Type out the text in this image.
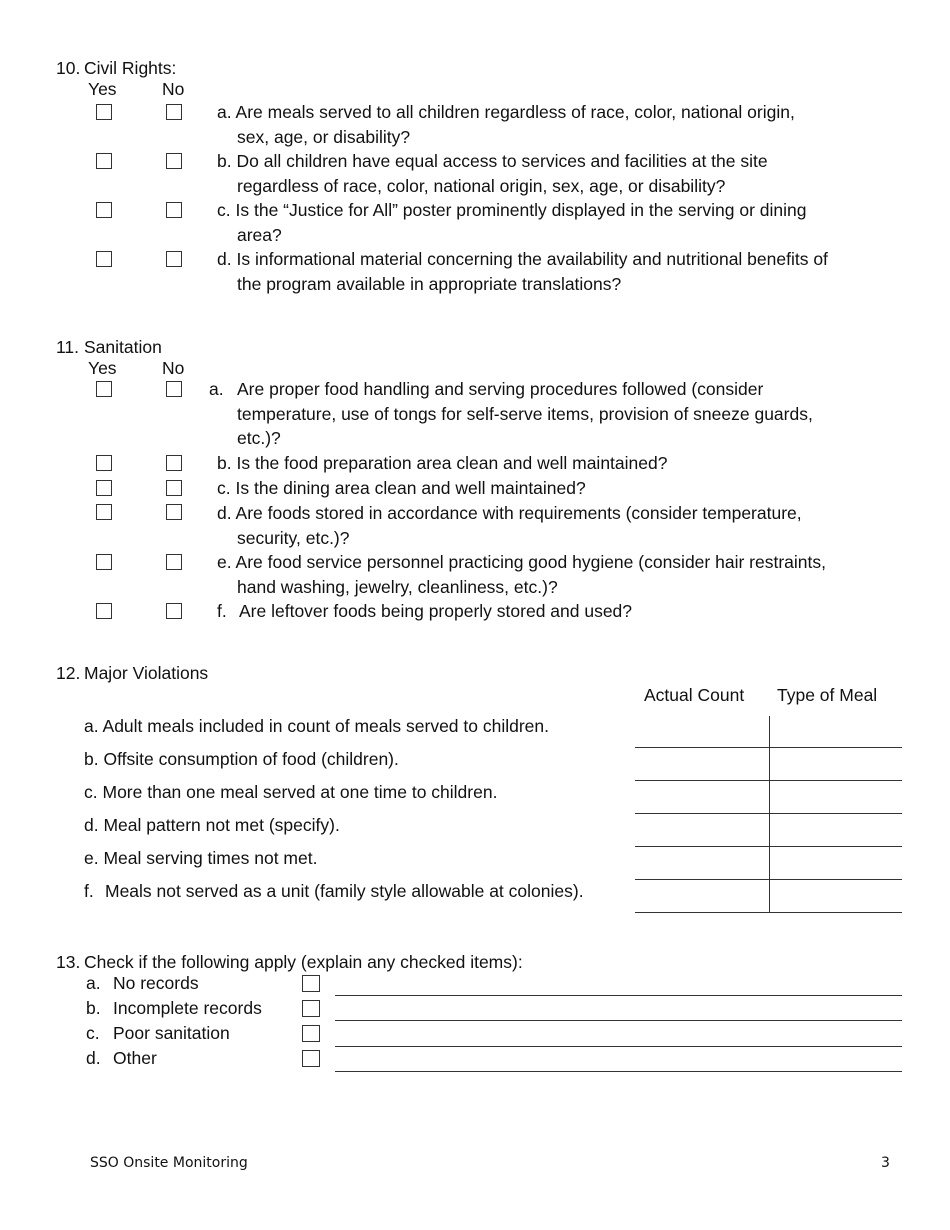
10. Civil Rights:
Yes	No
a. Are meals served to all children regardless of race, color, national origin,
sex, age, or disability?
b. Do all children have equal access to services and facilities at the site
regardless of race, color, national origin, sex, age, or disability?
c. Is the “Justice for All” poster prominently displayed in the serving or dining
area?
d. Is informational material concerning the availability and nutritional benefits of
the program available in appropriate translations?
11. Sanitation
Yes	No
a. Are proper food handling and serving procedures followed (consider
temperature, use of tongs for self-serve items, provision of sneeze guards,
etc.)?
b. Is the food preparation area clean and well maintained?
c. Is the dining area clean and well maintained?
d. Are foods stored in accordance with requirements (consider temperature,
security, etc.)?
e. Are food service personnel practicing good hygiene (consider hair restraints,
hand washing, jewelry, cleanliness, etc.)?
f. Are leftover foods being properly stored and used?
12. Major Violations
Actual Count Type of Meal
a. Adult meals included in count of meals served to children.
b. Offsite consumption of food (children).
c. More than one meal served at one time to children.
d. Meal pattern not met (specify).
e. Meal serving times not met.
f. Meals not served as a unit (family style allowable at colonies).
13. Check if the following apply (explain any checked items):
a. No records
b. Incomplete records
c. Poor sanitation
d. Other
SSO Onsite Monitoring	3
